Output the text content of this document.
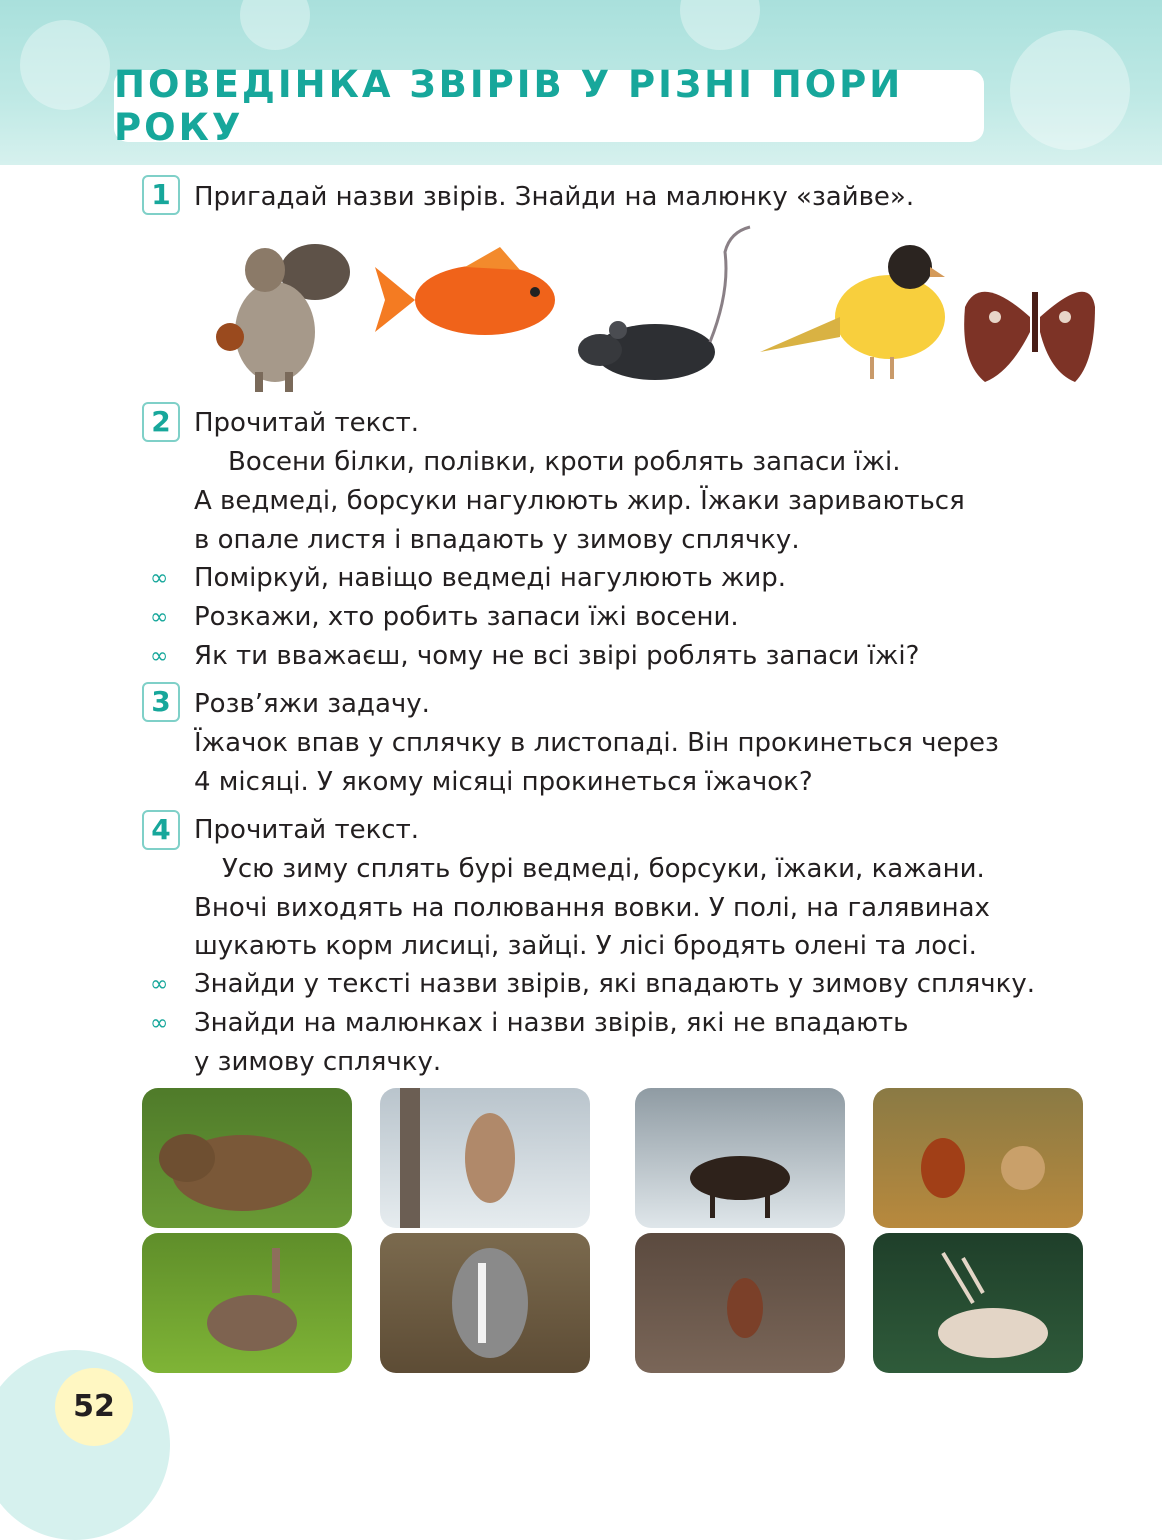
ПОВЕДІНКА ЗВІРІВ У РІЗНІ ПОРИ РОКУ
1 Пригадай назви звірів. Знайди на малюнку «зайве».
2 Прочитай текст.
Восени білки, полівки, кроти роблять запаси їжі.
А ведмеді, борсуки нагулюють жир. Їжаки зариваються
в опале листя і впадають у зимову сплячку.
∞ Поміркуй, навіщо ведмеді нагулюють жир.
∞ Розкажи, хто робить запаси їжі восени.
∞ Як ти вважаєш, чому не всі звірі роблять запаси їжі?
3 Розв’яжи задачу.
Їжачок впав у сплячку в листопаді. Він прокинеться через
4 місяці. У якому місяці прокинеться їжачок?
4 Прочитай текст.
Усю зиму сплять бурі ведмеді, борсуки, їжаки, кажани.
Вночі виходять на полювання вовки. У полі, на галявинах
шукають корм лисиці, зайці. У лісі бродять олені та лосі.
∞ Знайди у тексті назви звірів, які впадають у зимову сплячку.
∞ Знайди на малюнках і назви звірів, які не впадають
у зимову сплячку.
52
